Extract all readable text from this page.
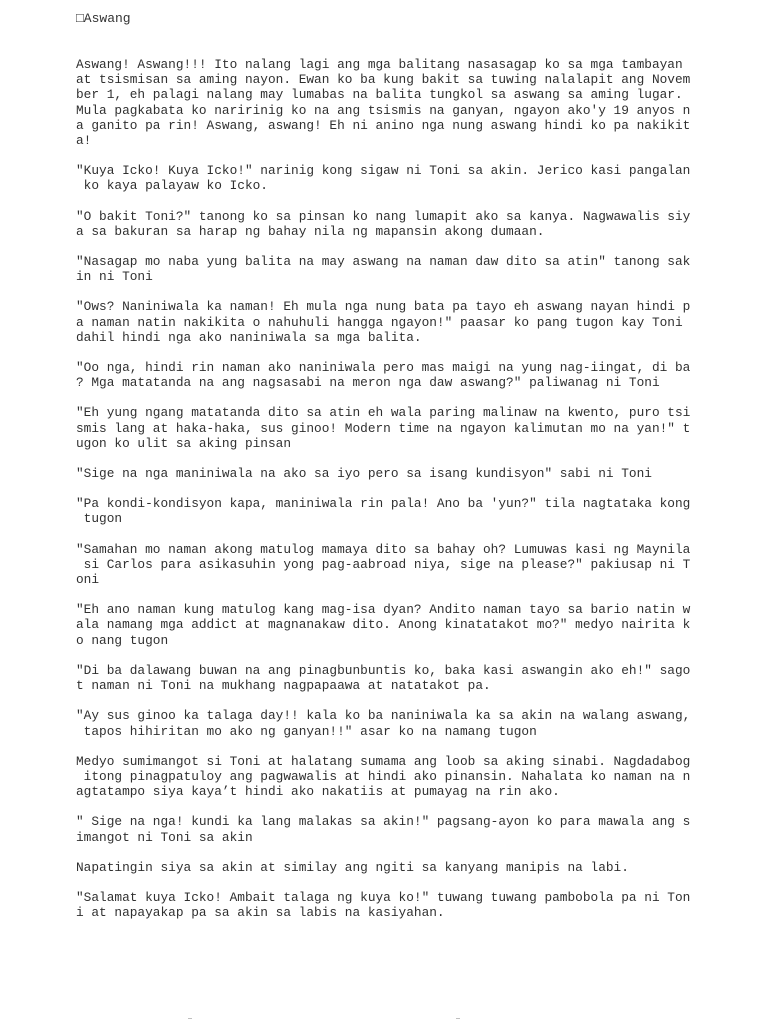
□Aswang
Aswang! Aswang!!! Ito nalang lagi ang mga balitang nasasagap ko sa mga tambayan
at tsismisan sa aming nayon. Ewan ko ba kung bakit sa tuwing nalalapit ang Novem
ber 1, eh palagi nalang may lumabas na balita tungkol sa aswang sa aming lugar.
Mula pagkabata ko naririnig ko na ang tsismis na ganyan, ngayon ako'y 19 anyos n
a ganito pa rin! Aswang, aswang! Eh ni anino nga nung aswang hindi ko pa nakikit
a!
"Kuya Icko! Kuya Icko!" narinig kong sigaw ni Toni sa akin. Jerico kasi pangalan
ko kaya palayaw ko Icko.
"O bakit Toni?" tanong ko sa pinsan ko nang lumapit ako sa kanya. Nagwawalis siy
a sa bakuran sa harap ng bahay nila ng mapansin akong dumaan.
"Nasagap mo naba yung balita na may aswang na naman daw dito sa atin" tanong sak
in ni Toni
"Ows? Naniniwala ka naman! Eh mula nga nung bata pa tayo eh aswang nayan hindi p
a naman natin nakikita o nahuhuli hangga ngayon!" paasar ko pang tugon kay Toni
dahil hindi nga ako naniniwala sa mga balita.
"Oo nga, hindi rin naman ako naniniwala pero mas maigi na yung nag-iingat, di ba
? Mga matatanda na ang nagsasabi na meron nga daw aswang?" paliwanag ni Toni
"Eh yung ngang matatanda dito sa atin eh wala paring malinaw na kwento, puro tsi
smis lang at haka-haka, sus ginoo! Modern time na ngayon kalimutan mo na yan!" t
ugon ko ulit sa aking pinsan
"Sige na nga maniniwala na ako sa iyo pero sa isang kundisyon" sabi ni Toni
"Pa kondi-kondisyon kapa, maniniwala rin pala! Ano ba 'yun?" tila nagtataka kong
tugon
"Samahan mo naman akong matulog mamaya dito sa bahay oh? Lumuwas kasi ng Maynila
si Carlos para asikasuhin yong pag-aabroad niya, sige na please?" pakiusap ni T
oni
"Eh ano naman kung matulog kang mag-isa dyan? Andito naman tayo sa bario natin w
ala namang mga addict at magnanakaw dito. Anong kinatatakot mo?" medyo nairita k
o nang tugon
"Di ba dalawang buwan na ang pinagbunbuntis ko, baka kasi aswangin ako eh!" sago
t naman ni Toni na mukhang nagpapaawa at natatakot pa.
"Ay sus ginoo ka talaga day!! kala ko ba naniniwala ka sa akin na walang aswang,
tapos hihiritan mo ako ng ganyan!!" asar ko na namang tugon
Medyo sumimangot si Toni at halatang sumama ang loob sa aking sinabi. Nagdadabog
itong pinagpatuloy ang pagwawalis at hindi ako pinansin. Nahalata ko naman na n
agtatampo siya kaya’t hindi ako nakatiis at pumayag na rin ako.
" Sige na nga! kundi ka lang malakas sa akin!" pagsang-ayon ko para mawala ang s
imangot ni Toni sa akin
Napatingin siya sa akin at similay ang ngiti sa kanyang manipis na labi.
"Salamat kuya Icko! Ambait talaga ng kuya ko!" tuwang tuwang pambobola pa ni Ton
i at napayakap pa sa akin sa labis na kasiyahan.
